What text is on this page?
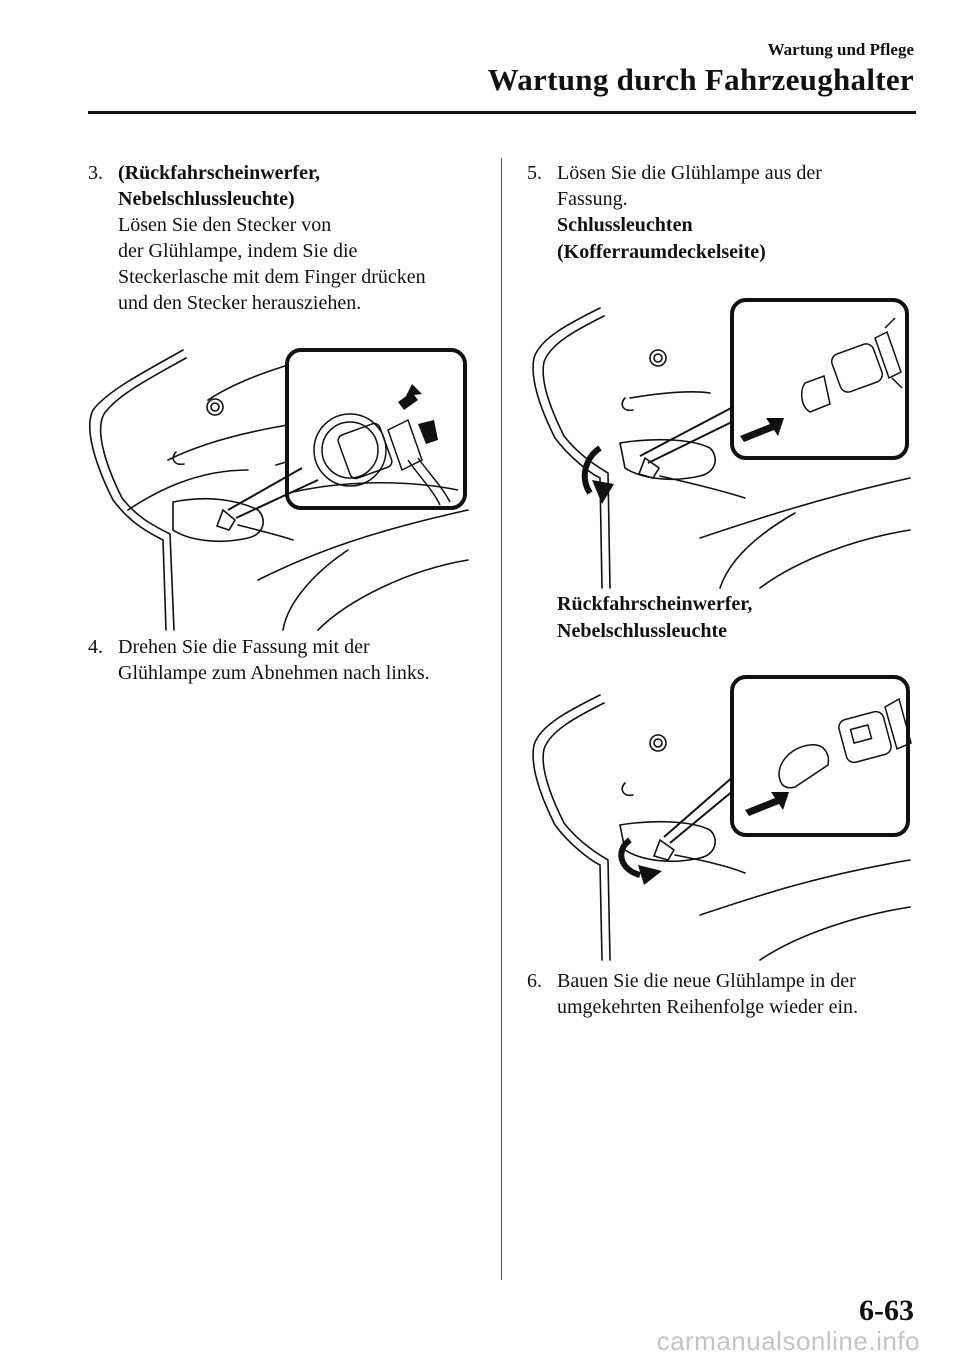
Wartung und Pflege
Wartung durch Fahrzeughalter
3. (Rückfahrscheinwerfer,
Nebelschlussleuchte)
Lösen Sie den Stecker von
der Glühlampe, indem Sie die
Steckerlasche mit dem Finger drücken
und den Stecker herausziehen.
4. Drehen Sie die Fassung mit der
Glühlampe zum Abnehmen nach links.
5. Lösen Sie die Glühlampe aus der
Fassung.
Schlussleuchten
(Kofferraumdeckelseite)
Rückfahrscheinwerfer,
Nebelschlussleuchte
6. Bauen Sie die neue Glühlampe in der
umgekehrten Reihenfolge wieder ein.
6-63
carmanualsonline.info
